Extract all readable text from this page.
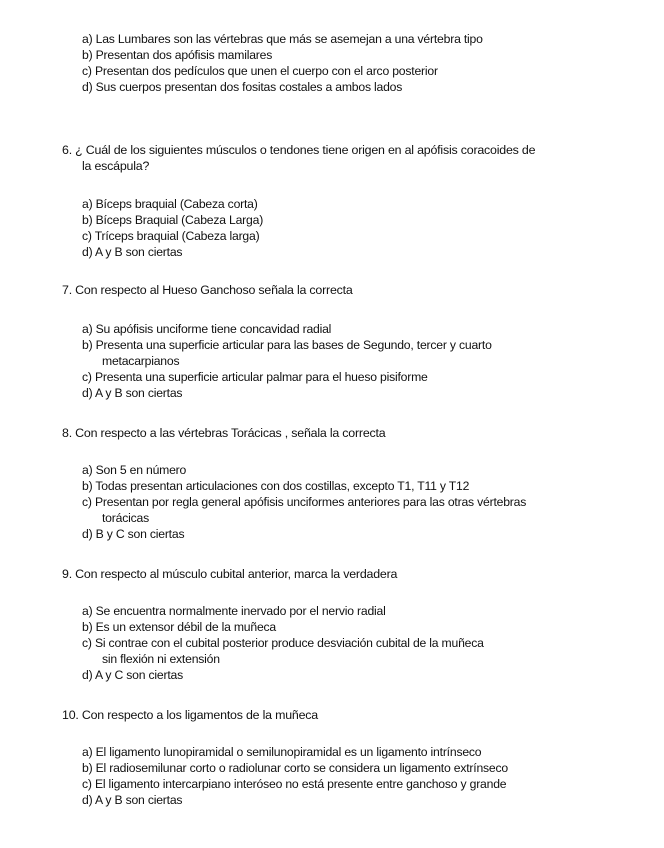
a) Las Lumbares son las vértebras que más se asemejan a una vértebra tipo
b) Presentan dos apófisis mamilares
c) Presentan dos pedículos que unen el cuerpo con el arco posterior
d) Sus cuerpos presentan dos fositas costales a ambos lados
6. ¿ Cuál de los siguientes músculos o tendones tiene origen en al apófisis coracoides de
la escápula?
a) Bíceps braquial (Cabeza corta)
b) Bíceps Braquial (Cabeza Larga)
c) Tríceps braquial (Cabeza larga)
d) A y B son ciertas
7. Con respecto al Hueso Ganchoso señala la correcta
a) Su apófisis unciforme tiene concavidad radial
b) Presenta una superficie articular para las bases de Segundo, tercer y cuarto
metacarpianos
c) Presenta una superficie articular palmar para el hueso pisiforme
d) A y B son ciertas
8. Con respecto a las vértebras Torácicas , señala la correcta
a) Son 5 en número
b) Todas presentan articulaciones con dos costillas, excepto T1, T11 y T12
c) Presentan por regla general apófisis unciformes anteriores para las otras vértebras
torácicas
d) B y C son ciertas
9. Con respecto al músculo cubital anterior, marca la verdadera
a) Se encuentra normalmente inervado por el nervio radial
b) Es un extensor débil de la muñeca
c) Si contrae con el cubital posterior produce desviación cubital de la muñeca
sin flexión ni extensión
d) A y C son ciertas
10. Con respecto a los ligamentos de la muñeca
a) El ligamento lunopiramidal o semilunopiramidal es un ligamento intrínseco
b) El radiosemilunar corto o radiolunar corto se considera un ligamento extrínseco
c) El ligamento intercarpiano interóseo no está presente entre ganchoso y grande
d) A y B son ciertas
